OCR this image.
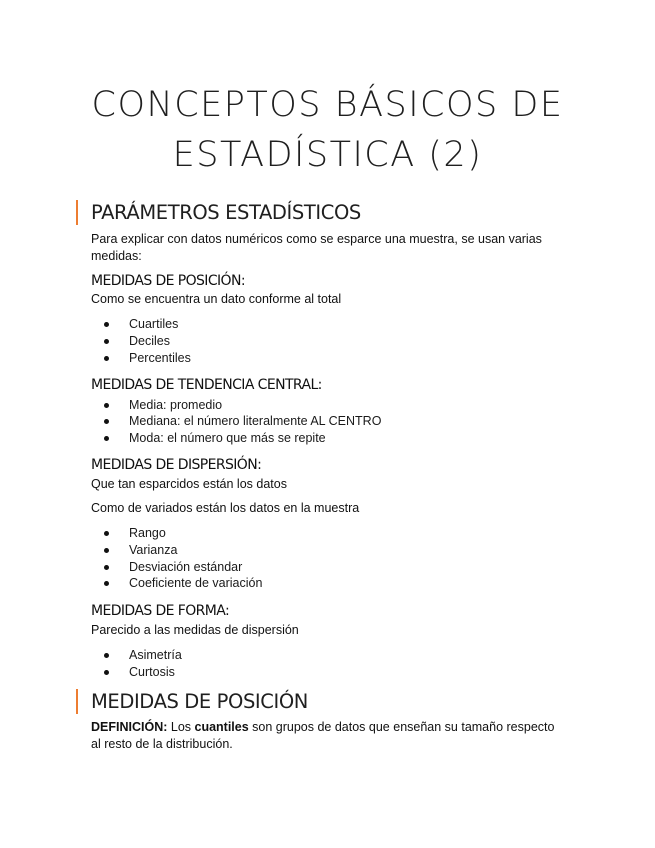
CONCEPTOS BÁSICOS DE
ESTADÍSTICA (2)
PARÁMETROS ESTADÍSTICOS
Para explicar con datos numéricos como se esparce una muestra, se usan varias medidas:
MEDIDAS DE POSICIÓN:
Como se encuentra un dato conforme al total
Cuartiles
Deciles
Percentiles
MEDIDAS DE TENDENCIA CENTRAL:
Media: promedio
Mediana: el número literalmente AL CENTRO
Moda: el número que más se repite
MEDIDAS DE DISPERSIÓN:
Que tan esparcidos están los datos
Como de variados están los datos en la muestra
Rango
Varianza
Desviación estándar
Coeficiente de variación
MEDIDAS DE FORMA:
Parecido a las medidas de dispersión
Asimetría
Curtosis
MEDIDAS DE POSICIÓN
DEFINICIÓN: Los cuantiles son grupos de datos que enseñan su tamaño respecto al resto de la distribución.
